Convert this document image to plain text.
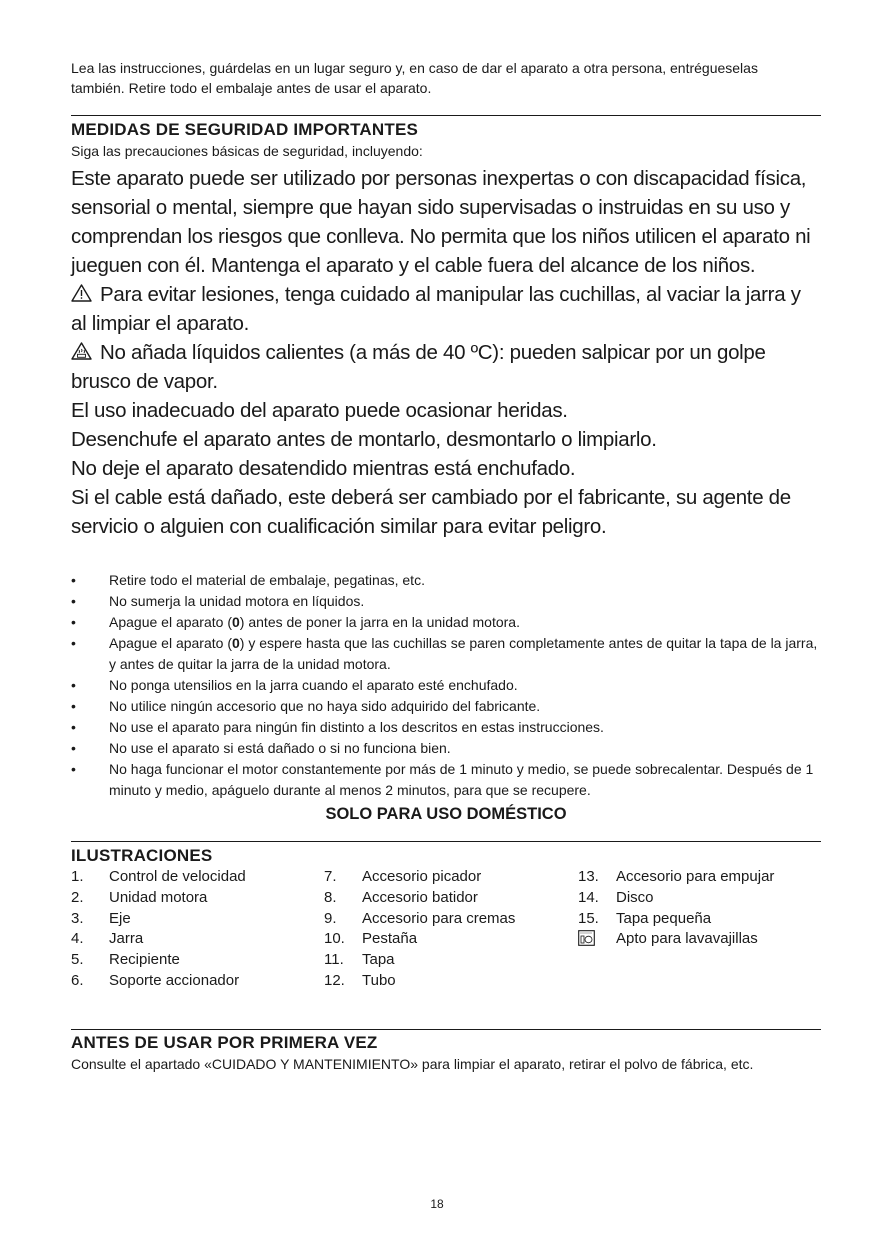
Lea las instrucciones, guárdelas en un lugar seguro y, en caso de dar el aparato a otra persona, entrégueselas también. Retire todo el embalaje antes de usar el aparato.
MEDIDAS DE SEGURIDAD IMPORTANTES
Siga las precauciones básicas de seguridad, incluyendo:

Este aparato puede ser utilizado por personas inexpertas o con discapacidad física, sensorial o mental, siempre que hayan sido supervisadas o instruidas en su uso y comprendan los riesgos que conlleva. No permita que los niños utilicen el aparato ni jueguen con él. Mantenga el aparato y el cable fuera del alcance de los niños.

Para evitar lesiones, tenga cuidado al manipular las cuchillas, al vaciar la jarra y al limpiar el aparato.

No añada líquidos calientes (a más de 40 ºC): pueden salpicar por un golpe brusco de vapor.

El uso inadecuado del aparato puede ocasionar heridas.

Desenchufe el aparato antes de montarlo, desmontarlo o limpiarlo.

No deje el aparato desatendido mientras está enchufado.

Si el cable está dañado, este deberá ser cambiado por el fabricante, su agente de servicio o alguien con cualificación similar para evitar peligro.

• Retire todo el material de embalaje, pegatinas, etc.
• No sumerja la unidad motora en líquidos.
• Apague el aparato (0) antes de poner la jarra en la unidad motora.
• Apague el aparato (0) y espere hasta que las cuchillas se paren completamente antes de quitar la tapa de la jarra, y antes de quitar la jarra de la unidad motora.
• No ponga utensilios en la jarra cuando el aparato esté enchufado.
• No utilice ningún accesorio que no haya sido adquirido del fabricante.
• No use el aparato para ningún fin distinto a los descritos en estas instrucciones.
• No use el aparato si está dañado o si no funciona bien.
• No haga funcionar el motor constantemente por más de 1 minuto y medio, se puede sobrecalentar. Después de 1 minuto y medio, apáguelo durante al menos 2 minutos, para que se recupere.
SOLO PARA USO DOMÉSTICO
ILUSTRACIONES
1. Control de velocidad
2. Unidad motora
3. Eje
4. Jarra
5. Recipiente
6. Soporte accionador
7. Accesorio picador
8. Accesorio batidor
9. Accesorio para cremas
10. Pestaña
11. Tapa
12. Tubo
13. Accesorio para empujar
14. Disco
15. Tapa pequeña
Apto para lavavajillas
ANTES DE USAR POR PRIMERA VEZ
Consulte el apartado «CUIDADO Y MANTENIMIENTO» para limpiar el aparato, retirar el polvo de fábrica, etc.
18
